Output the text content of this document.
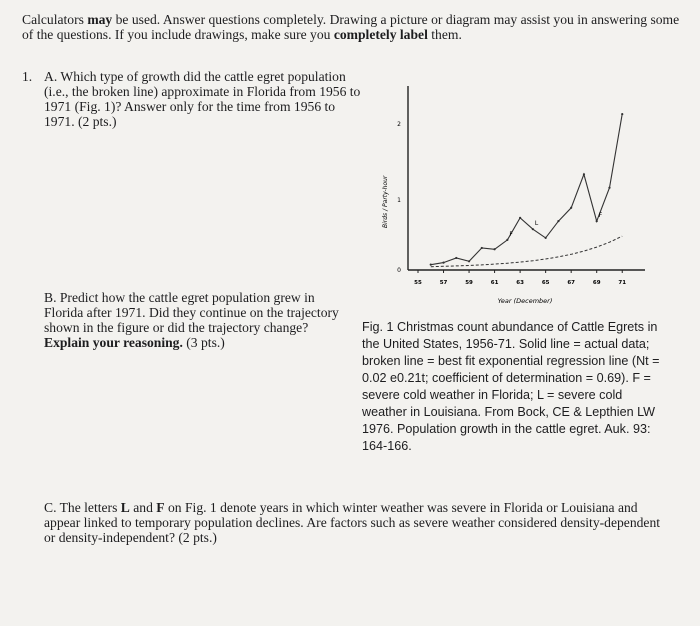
Calculators may be used. Answer questions completely. Drawing a picture or diagram may assist you in answering some of the questions. If you include drawings, make sure you completely label them.
1. A. Which type of growth did the cattle egret population (i.e., the broken line) approximate in Florida from 1956 to 1971 (Fig. 1)? Answer only for the time from 1956 to 1971. (2 pts.)
0
1
2
Birds / Party-hour
55	57	59	61	63	65	67	69	71
Year (December)
F
L
F
B. Predict how the cattle egret population grew in Florida after 1971. Did they continue on the trajectory shown in the figure or did the trajectory change? Explain your reasoning. (3 pts.)
Fig. 1 Christmas count abundance of Cattle Egrets in the United States, 1956-71. Solid line = actual data; broken line = best fit exponential regression line (Nt = 0.02 e0.21t; coefficient of determination = 0.69). F = severe cold weather in Florida; L = severe cold weather in Louisiana. From Bock, CE & Lepthien LW 1976. Population growth in the cattle egret. Auk. 93: 164-166.
C. The letters L and F on Fig. 1 denote years in which winter weather was severe in Florida or Louisiana and appear linked to temporary population declines. Are factors such as severe weather considered density-dependent or density-independent? (2 pts.)
